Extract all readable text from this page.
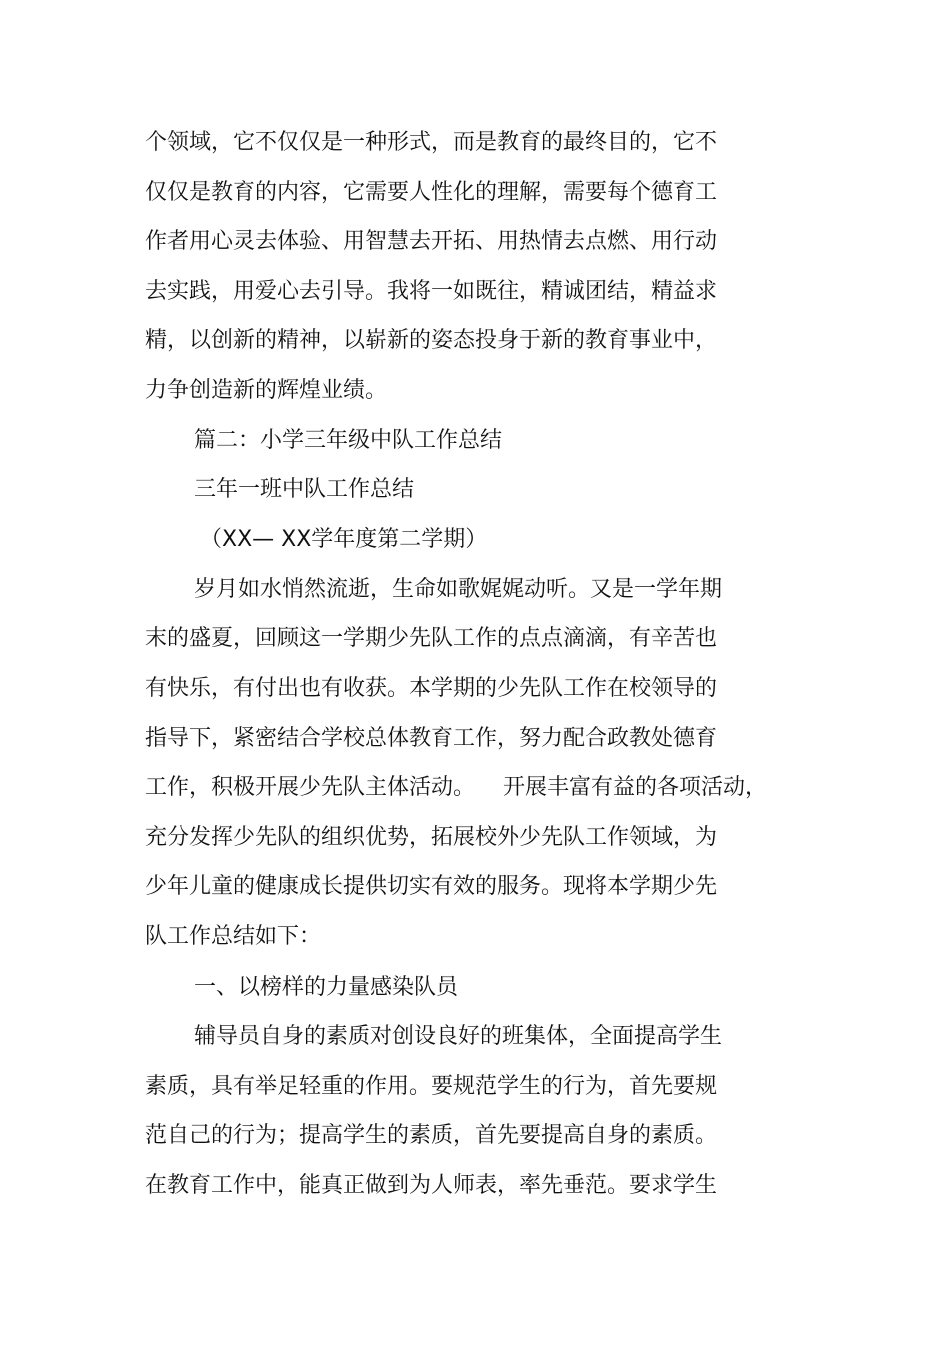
个领域，它不仅仅是一种形式，而是教育的最终目的，它不
仅仅是教育的内容，它需要人性化的理解，需要每个德育工
作者用心灵去体验、用智慧去开拓、用热情去点燃、用行动
去实践，用爱心去引导。我将一如既往，精诚团结，精益求
精，以创新的精神，以崭新的姿态投身于新的教育事业中，
力争创造新的辉煌业绩。
篇二：小学三年级中队工作总结
三年一班中队工作总结
（XX— XX学年度第二学期）
岁月如水悄然流逝，生命如歌娓娓动听。又是一学年期
末的盛夏，回顾这一学期少先队工作的点点滴滴，有辛苦也
有快乐，有付出也有收获。本学期的少先队工作在校领导的
指导下，紧密结合学校总体教育工作，努力配合政教处德育
工作，积极开展少先队主体活动。    开展丰富有益的各项活动，
充分发挥少先队的组织优势，拓展校外少先队工作领域，为
少年儿童的健康成长提供切实有效的服务。现将本学期少先
队工作总结如下：
一、以榜样的力量感染队员
辅导员自身的素质对创设良好的班集体，全面提高学生
素质，具有举足轻重的作用。要规范学生的行为，首先要规
范自己的行为；提高学生的素质，首先要提高自身的素质。
在教育工作中，能真正做到为人师表，率先垂范。要求学生
